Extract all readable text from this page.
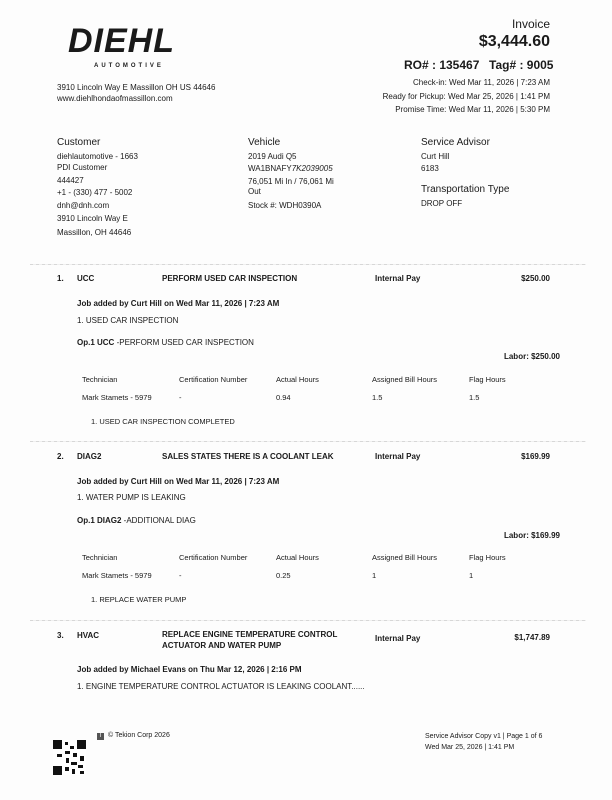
DIEHL
AUTOMOTIVE
3910 Lincoln Way E Massillon OH US 44646
www.diehlhondaofmassillon.com
Invoice
$3,444.60
RO# : 135467 Tag# : 9005
Check-in: Wed Mar 11, 2026 | 7:23 AM
Ready for Pickup: Wed Mar 25, 2026 | 1:41 PM
Promise Time: Wed Mar 11, 2026 | 5:30 PM
Customer
diehlautomotive - 1663
PDI Customer
444427
+1 - (330) 477 - 5002
dnh@dnh.com
3910 Lincoln Way E
Massillon, OH 44646
Vehicle
2019 Audi Q5
WA1BNAFY7K2039005
76,051 Mi In / 76,061 Mi
Out
Stock #: WDH0390A
Service Advisor
Curt Hill
6183
Transportation Type
DROP OFF
1. UCC	PERFORM USED CAR INSPECTION	Internal Pay	$250.00
Job added by Curt Hill on Wed Mar 11, 2026 | 7:23 AM
1. USED CAR INSPECTION
Op.1 UCC -PERFORM USED CAR INSPECTION
Labor: $250.00
Technician	Certification Number	Actual Hours	Assigned Bill Hours	Flag Hours
Mark Stamets - 5979	-	0.94	1.5	1.5
1. USED CAR INSPECTION COMPLETED
2. DIAG2	SALES STATES THERE IS A COOLANT LEAK	Internal Pay	$169.99
Job added by Curt Hill on Wed Mar 11, 2026 | 7:23 AM
1. WATER PUMP IS LEAKING
Op.1 DIAG2 -ADDITIONAL DIAG
Labor: $169.99
Technician	Certification Number	Actual Hours	Assigned Bill Hours	Flag Hours
Mark Stamets - 5979	-	0.25	1	1
1. REPLACE WATER PUMP
3. HVAC	REPLACE ENGINE TEMPERATURE CONTROL
ACTUATOR AND WATER PUMP
Internal Pay	$1,747.89
Job added by Michael Evans on Thu Mar 12, 2026 | 2:16 PM
1. ENGINE TEMPERATURE CONTROL ACTUATOR IS LEAKING COOLANT......
T © Tekion Corp 2026	Service Advisor Copy v1 | Page 1 of 6
Wed Mar 25, 2026 | 1:41 PM
